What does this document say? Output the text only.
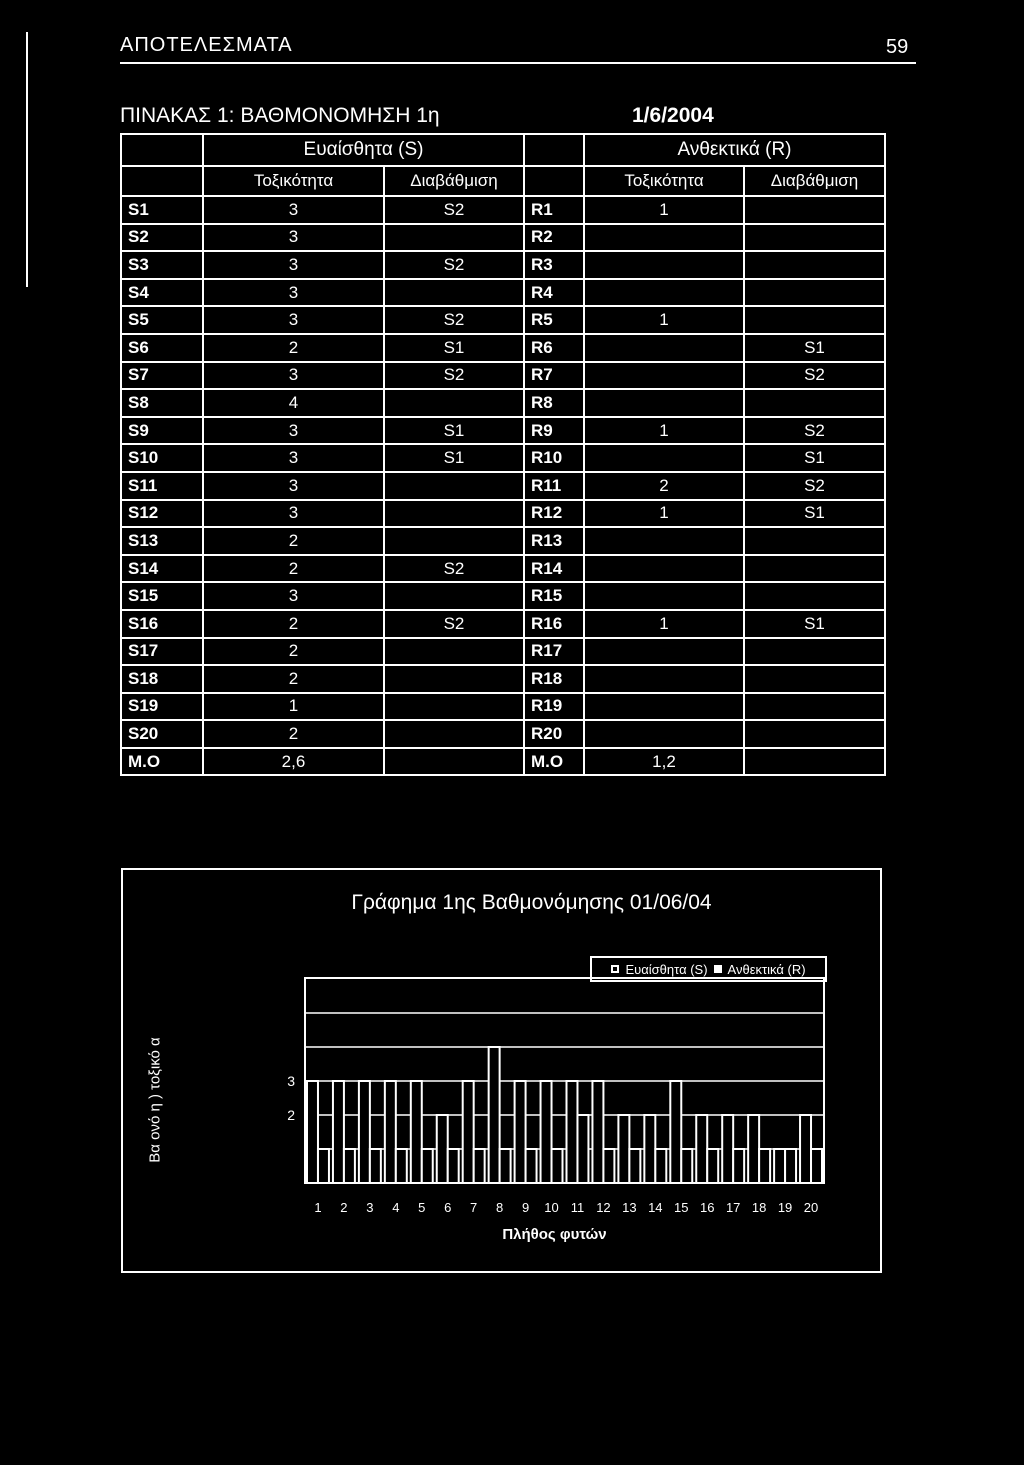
ΑΠΟΤΕΛΕΣΜΑΤΑ	59
ΠΙΝΑΚΑΣ 1: ΒΑΘΜΟΝΟΜΗΣΗ 1η	1/6/2004
	Ευαίσθητα (S)			Ανθεκτικά (R)	
	Τοξικότητα	Διαβάθμιση		Τοξικότητα	Διαβάθμιση
S1	3	S2	R1	1	
S2	3		R2		
S3	3	S2	R3		
S4	3		R4		
S5	3	S2	R5	1	
S6	2	S1	R6		S1
S7	3	S2	R7		S2
S8	4		R8		
S9	3	S1	R9	1	S2
S10	3	S1	R10		S1
S11	3		R11	2	S2
S12	3		R12	1	S1
S13	2		R13		
S14	2	S2	R14		
S15	3		R15		
S16	2	S2	R16	1	S1
S17	2		R17		
S18	2		R18		
S19	1		R19		
S20	2		R20		
M.O	2,6		M.O	1,2	
Γράφημα 1ης Βαθμονόμησης 01/06/04
Ευαίσθητα (S) Ανθεκτικά (R)
Βα ονό η ) τοξικό α	2
3
1 2 3 4 5 6 7 8 9 10 11 12 13 14 15 16 17 18 19 20
Πλήθος φυτών
